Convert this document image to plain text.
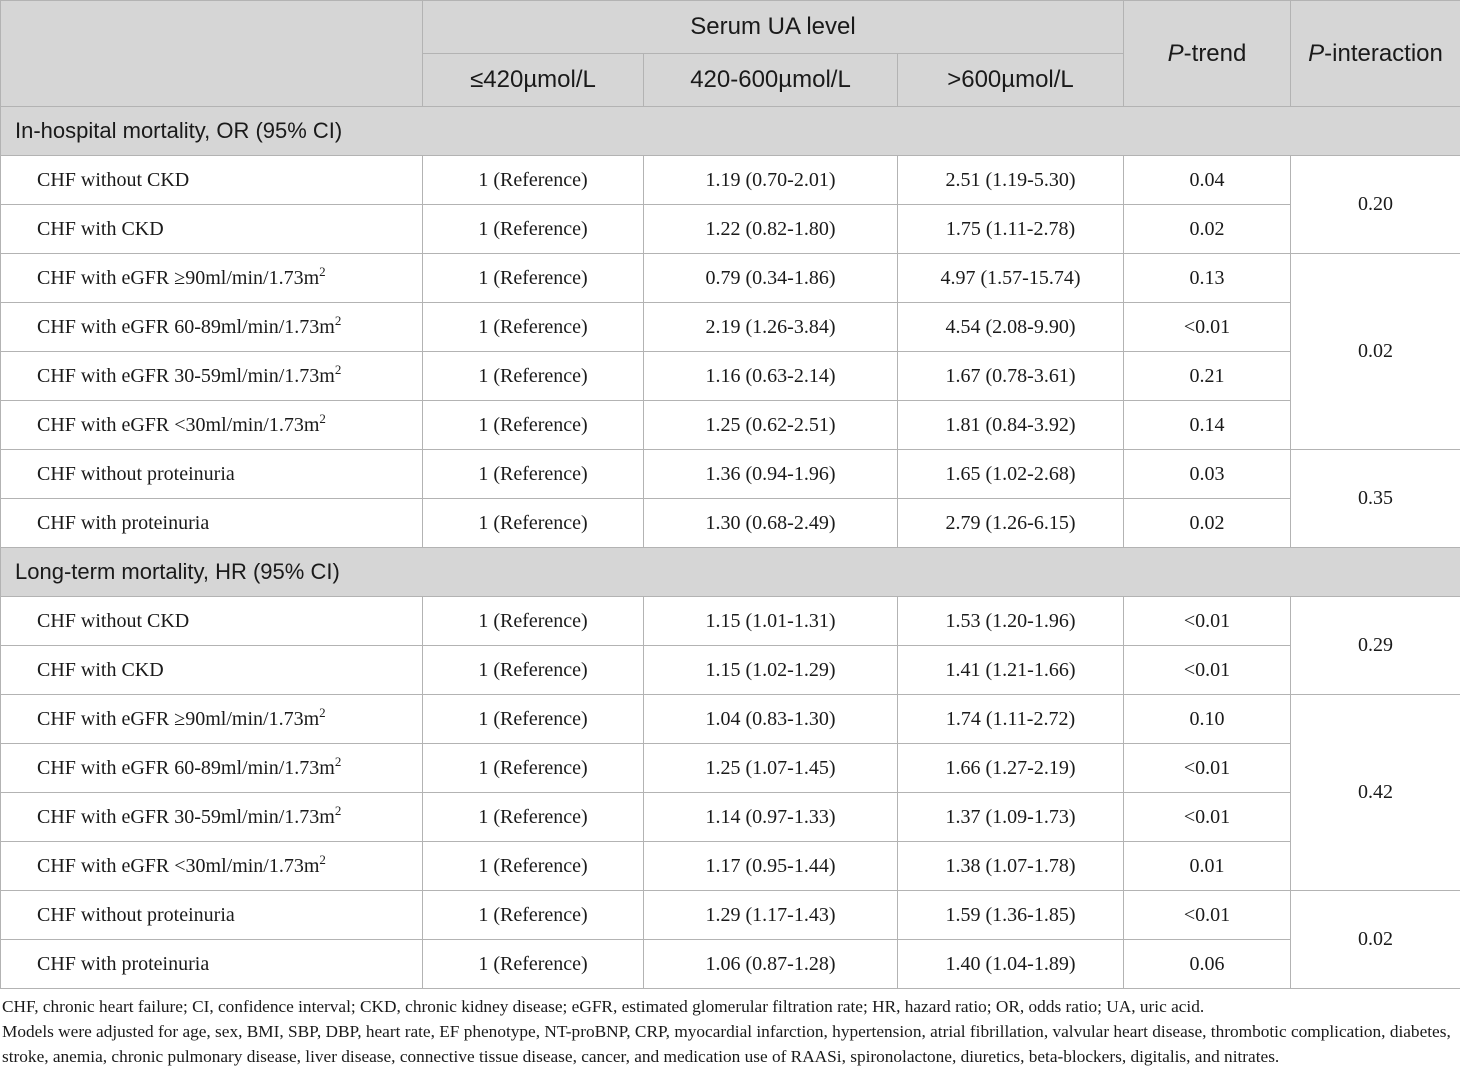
	Serum UA level			P-trend	P-interaction
	≤420µmol/L	420-600µmol/L	>600µmol/L		
In-hospital mortality, OR (95% CI)					
CHF without CKD	1 (Reference)	1.19 (0.70-2.01)	2.51 (1.19-5.30)	0.04	0.20
CHF with CKD	1 (Reference)	1.22 (0.82-1.80)	1.75 (1.11-2.78)	0.02	
CHF with eGFR $\ge 90ml/\min/1.73m^2$	1 (Reference)	0.79 (0.34-1.86)	4.97 (1.57-15.74)	0.13	0.02
CHF with eGFR $60-89ml/\min/1.73m^2$	1 (Reference)	2.19 (1.26-3.84)	4.54 (2.08-9.90)	<0.01	
CHF with eGFR $30-59ml/\min/1.73m^2$	1 (Reference)	1.16 (0.63-2.14)	1.67 (0.78-3.61)	0.21	
CHF with eGFR $<30ml/\min/1.73m^2$	1 (Reference)	1.25 (0.62-2.51)	1.81 (0.84-3.92)	0.14	
CHF without proteinuria	1 (Reference)	1.36 (0.94-1.96)	1.65 (1.02-2.68)	0.03	0.35
CHF with proteinuria	1 (Reference)	1.30 (0.68-2.49)	2.79 (1.26-6.15)	0.02	
Long-term mortality, HR (95% CI)					
CHF without CKD	1 (Reference)	1.15 (1.01-1.31)	1.53 (1.20-1.96)	<0.01	0.29
CHF with CKD	1 (Reference)	1.15 (1.02-1.29)	1.41 (1.21-1.66)	<0.01	
CHF with eGFR $\ge 90ml/\min/1.73m^2$	1 (Reference)	1.04 (0.83-1.30)	1.74 (1.11-2.72)	0.10	0.42
CHF with eGFR $60-89ml/\min/1.73m^2$	1 (Reference)	1.25 (1.07-1.45)	1.66 (1.27-2.19)	<0.01	
CHF with eGFR $30-59ml/\min/1.73m^2$	1 (Reference)	1.14 (0.97-1.33)	1.37 (1.09-1.73)	<0.01	
CHF with eGFR $<30ml/\min/1.73m^2$	1 (Reference)	1.17 (0.95-1.44)	1.38 (1.07-1.78)	0.01	
CHF without proteinuria	1 (Reference)	1.29 (1.17-1.43)	1.59 (1.36-1.85)	<0.01	0.02
CHF with proteinuria	1 (Reference)	1.06 (0.87-1.28)	1.40 (1.04-1.89)	0.06	

CHF, chronic heart failure; CI, confidence interval; CKD, chronic kidney disease; eGFR, estimated glomerular filtration rate; HR, hazard ratio; OR, odds ratio; UA, uric acid.

Models were adjusted for age, sex, BMI, SBP, DBP, heart rate, EF phenotype, NT-proBNP, CRP, myocardial infarction, hypertension, atrial fibrillation, valvular heart disease, thrombotic complication, diabetes, stroke, anemia, chronic pulmonary disease, liver disease, connective tissue disease, cancer, and medication use of RAASi, spironolactone, diuretics, beta-blockers, digitalis, and nitrates.
